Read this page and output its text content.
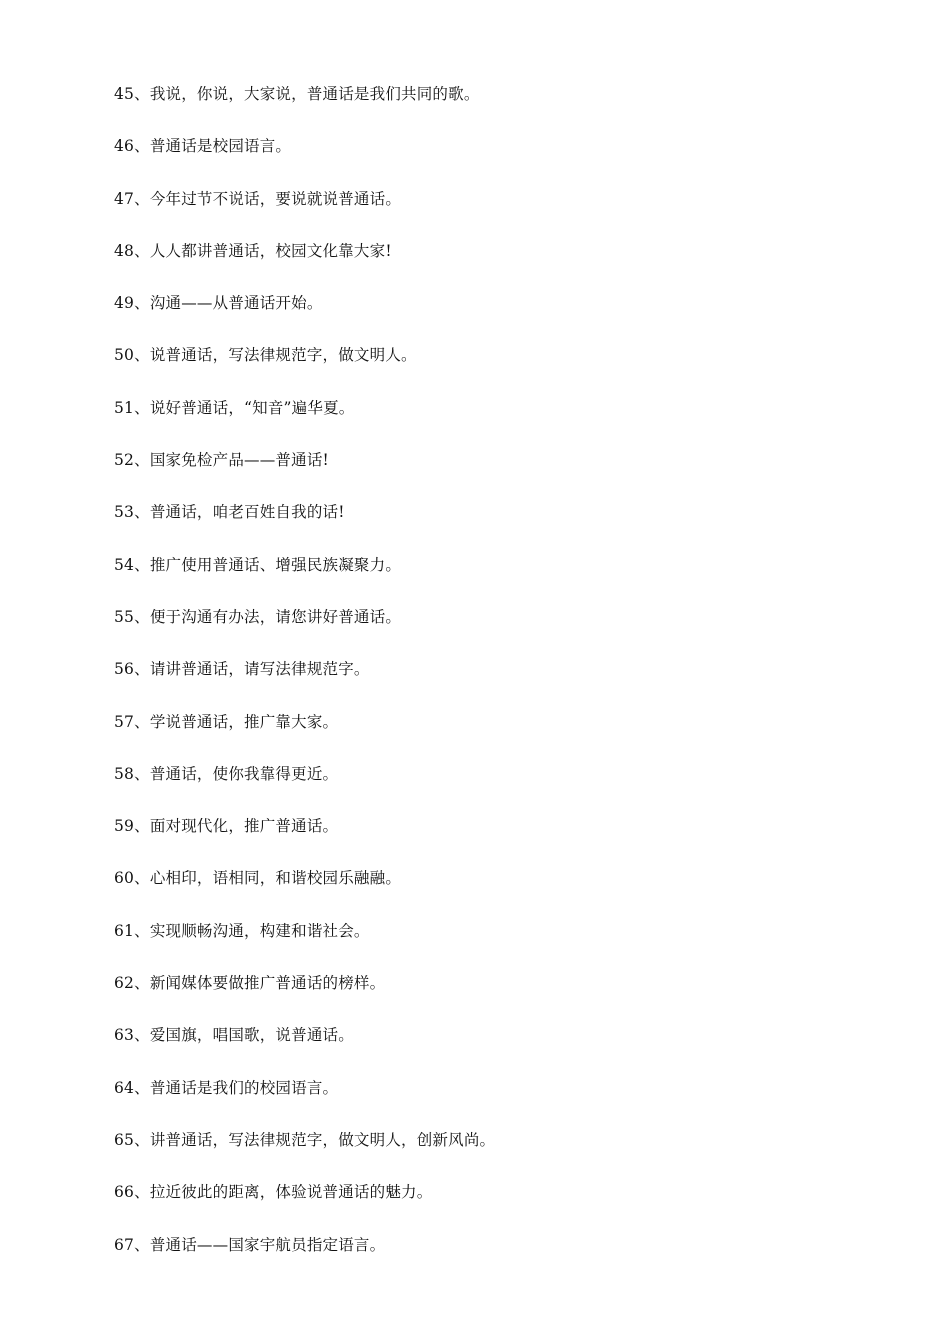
45、我说，你说，大家说，普通话是我们共同的歌。
46、普通话是校园语言。
47、今年过节不说话，要说就说普通话。
48、人人都讲普通话，校园文化靠大家!
49、沟通——从普通话开始。
50、说普通话，写法律规范字，做文明人。
51、说好普通话，“知音”遍华夏。
52、国家免检产品——普通话!
53、普通话，咱老百姓自我的话!
54、推广使用普通话、增强民族凝聚力。
55、便于沟通有办法，请您讲好普通话。
56、请讲普通话，请写法律规范字。
57、学说普通话，推广靠大家。
58、普通话，使你我靠得更近。
59、面对现代化，推广普通话。
60、心相印，语相同，和谐校园乐融融。
61、实现顺畅沟通，构建和谐社会。
62、新闻媒体要做推广普通话的榜样。
63、爱国旗，唱国歌，说普通话。
64、普通话是我们的校园语言。
65、讲普通话，写法律规范字，做文明人，创新风尚。
66、拉近彼此的距离，体验说普通话的魅力。
67、普通话——国家宇航员指定语言。
